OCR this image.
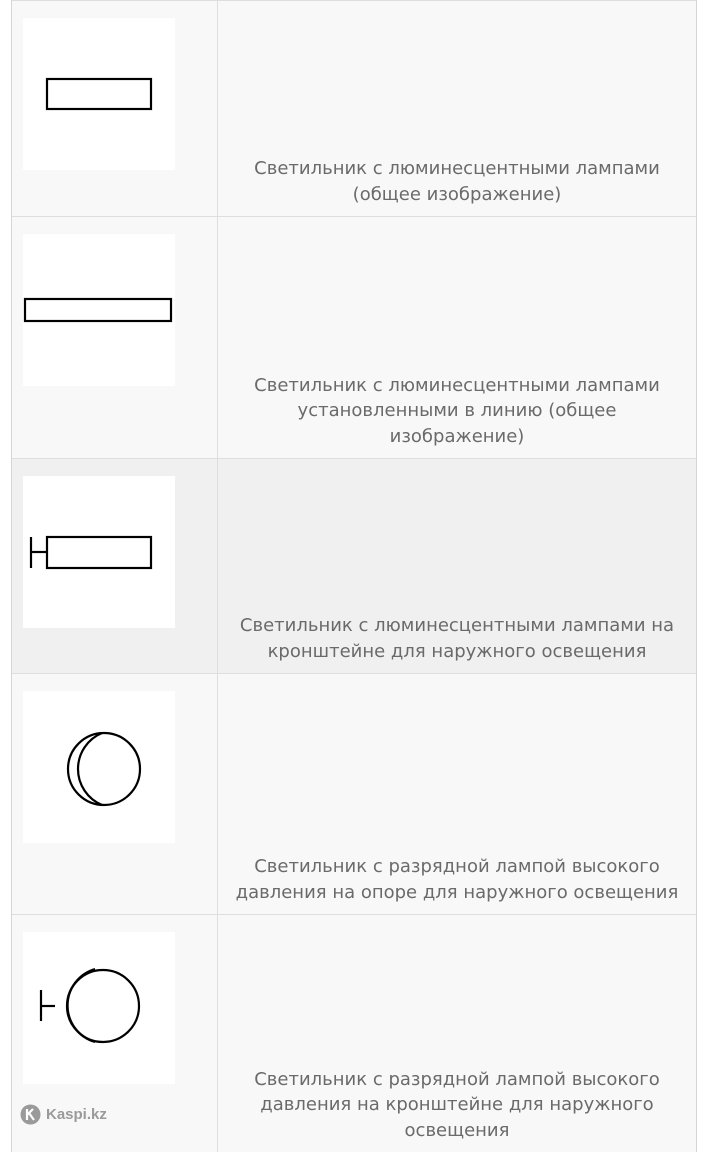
Светильник с люминесцентными лампами (общее изображение)
Светильник с люминесцентными лампами установленными в линию (общее изображение)
Светильник с люминесцентными лампами на кронштейне для наружного освещения
Светильник с разрядной лампой высокого давления на опоре для наружного освещения
Светильник с разрядной лампой высокого давления на кронштейне для наружного освещения
Kaspi.kz
